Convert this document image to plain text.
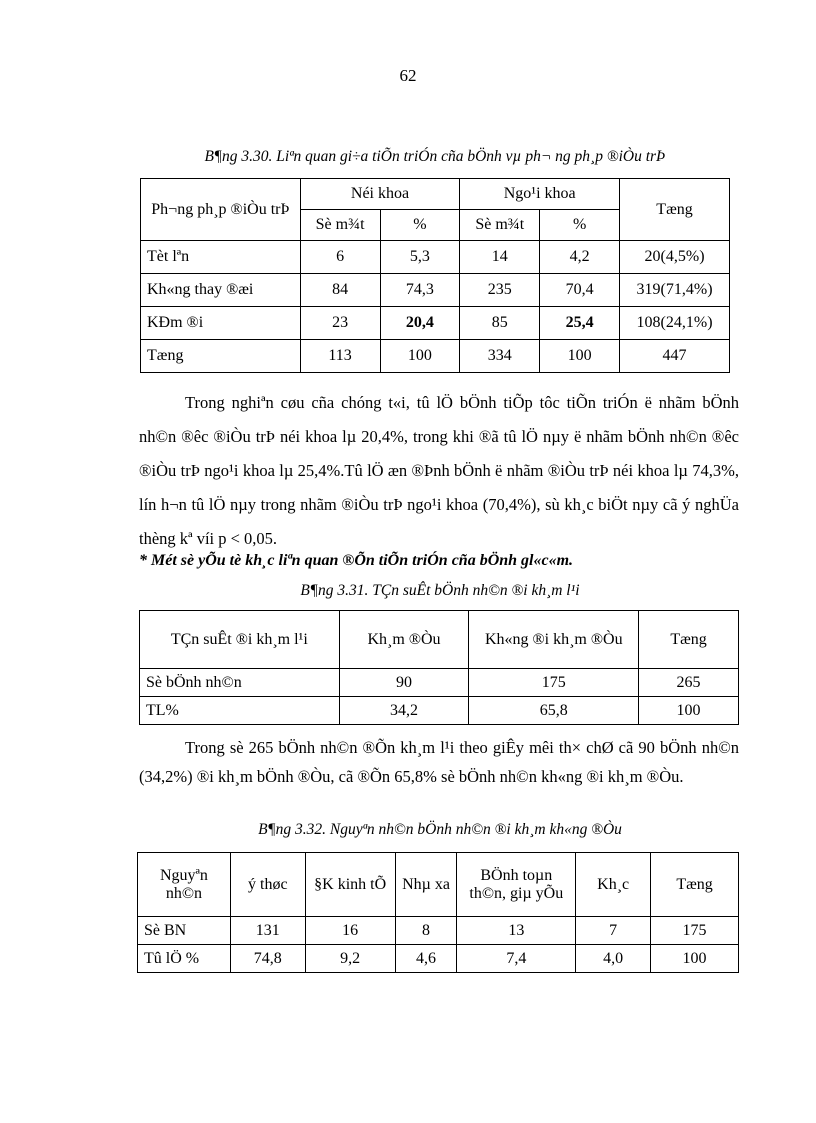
62
B¶ng 3.30. Liªn quan gi÷a tiÕn triÓn cña bÖnh vµ ph¬ ng ph¸p ®iÒu trÞ
Ph¬ng ph¸p ®iÒu trÞ	Néi khoa		Ngo¹i khoa		Tæng
	Sè m¾t	%	Sè m¾t	%	
Tèt lªn	6	5,3	14	4,2	20(4,5%)
Kh«ng thay ®æi	84	74,3	235	70,4	319(71,4%)
KÐm ®i	23	20,4	85	25,4	108(24,1%)
Tæng	113	100	334	100	447
Trong nghiªn cøu cña chóng t«i, tû lÖ bÖnh tiÕp tôc tiÕn triÓn ë nhãm bÖnh nh©n ®êc ®iÒu trÞ néi khoa lµ 20,4%, trong khi ®ã tû lÖ nµy ë nhãm bÖnh nh©n ®êc ®iÒu trÞ ngo¹i khoa lµ 25,4%.Tû lÖ æn ®Þnh bÖnh ë nhãm ®iÒu trÞ néi khoa lµ 74,3%, lín h¬n tû lÖ nµy trong nhãm ®iÒu trÞ ngo¹i khoa (70,4%), sù kh¸c biÖt nµy cã ý nghÜa thèng kª víi p < 0,05.
* Mét sè yÕu tè kh¸c liªn quan ®Õn tiÕn triÓn cña bÖnh gl«c«m.
B¶ng 3.31. TÇn suÊt bÖnh nh©n ®i kh¸m l¹i
TÇn suÊt ®i kh¸m l¹i	Kh¸m ®Òu	Kh«ng ®i kh¸m ®Òu	Tæng
Sè bÖnh nh©n	90	175	265
TL%	34,2	65,8	100
Trong sè 265 bÖnh nh©n ®Õn kh¸m l¹i theo giÊy mêi th× chØ cã 90 bÖnh nh©n (34,2%) ®i kh¸m bÖnh ®Òu, cã ®Õn 65,8% sè bÖnh nh©n kh«ng ®i kh¸m ®Òu.
B¶ng 3.32. Nguyªn nh©n bÖnh nh©n ®i kh¸m kh«ng ®Òu
Nguyªn nh©n	ý thøc	§K kinh tÕ	Nhµ xa	BÖnh toµn th©n, giµ yÕu	Kh¸c	Tæng
Sè BN	131	16	8	13	7	175
Tû lÖ %	74,8	9,2	4,6	7,4	4,0	100
